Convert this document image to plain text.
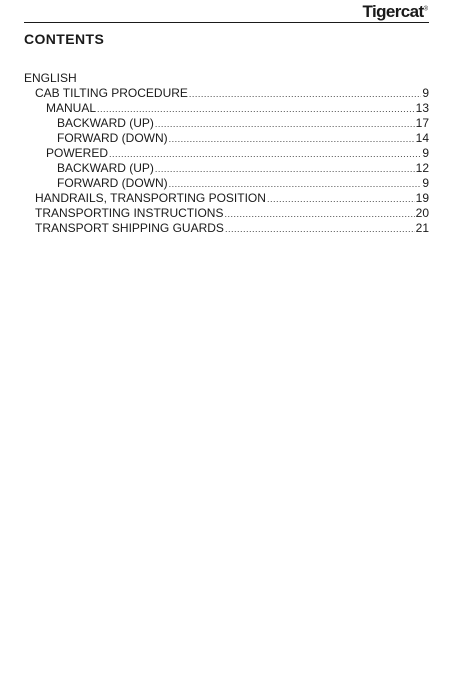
Tigercat®
CONTENTS
ENGLISH
CAB TILTING PROCEDURE .....	9
MANUAL .....	13
BACKWARD (UP) .....	17
FORWARD (DOWN) .....	14
POWERED .....	9
BACKWARD (UP) .....	12
FORWARD (DOWN) .....	9
HANDRAILS, TRANSPORTING POSITION .....	19
TRANSPORTING INSTRUCTIONS .....	20
TRANSPORT SHIPPING GUARDS .....	21
